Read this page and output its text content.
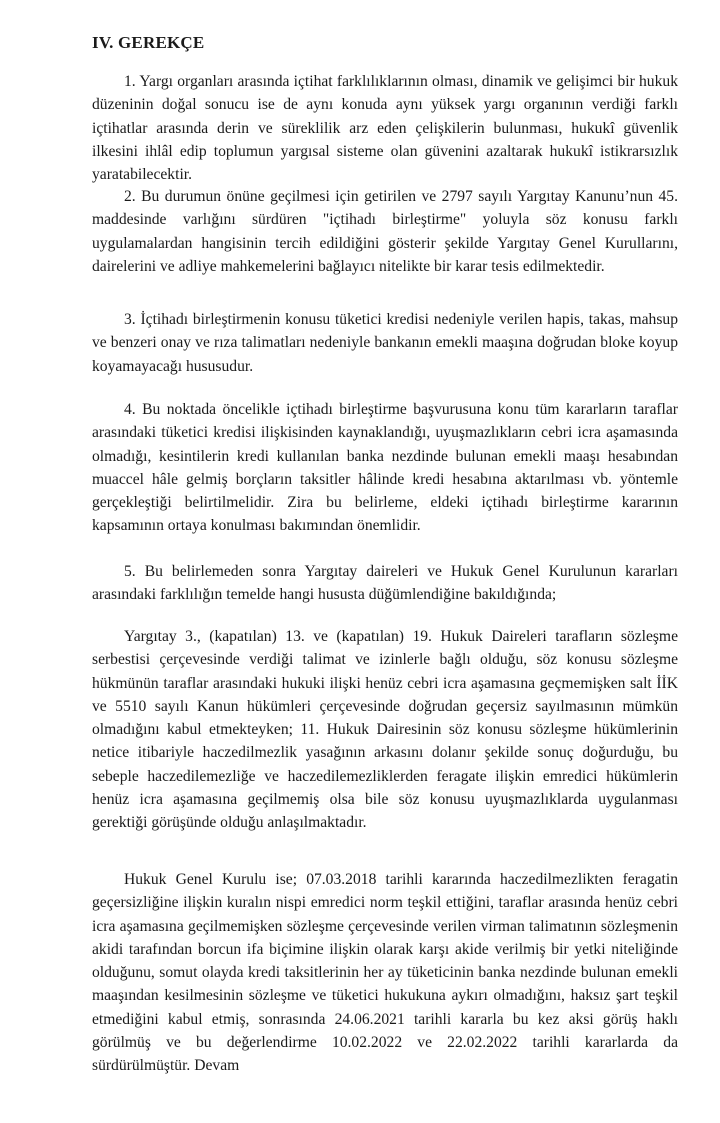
IV. GEREKÇE

1. Yargı organları arasında içtihat farklılıklarının olması, dinamik ve gelişimci bir hukuk düzeninin doğal sonucu ise de aynı konuda aynı yüksek yargı organının verdiği farklı içtihatlar arasında derin ve süreklilik arz eden çelişkilerin bulunması, hukukî güvenlik ilkesini ihlâl edip toplumun yargısal sisteme olan güvenini azaltarak hukukî istikrarsızlık yaratabilecektir.

2. Bu durumun önüne geçilmesi için getirilen ve 2797 sayılı Yargıtay Kanunu’nun 45. maddesinde varlığını sürdüren "içtihadı birleştirme" yoluyla söz konusu farklı uygulamalardan hangisinin tercih edildiğini gösterir şekilde Yargıtay Genel Kurullarını, dairelerini ve adliye mahkemelerini bağlayıcı nitelikte bir karar tesis edilmektedir.

3. İçtihadı birleştirmenin konusu tüketici kredisi nedeniyle verilen hapis, takas, mahsup ve benzeri onay ve rıza talimatları nedeniyle bankanın emekli maaşına doğrudan bloke koyup koyamayacağı hususudur.

4. Bu noktada öncelikle içtihadı birleştirme başvurusuna konu tüm kararların taraflar arasındaki tüketici kredisi ilişkisinden kaynaklandığı, uyuşmazlıkların cebri icra aşamasında olmadığı, kesintilerin kredi kullanılan banka nezdinde bulunan emekli maaşı hesabından muaccel hâle gelmiş borçların taksitler hâlinde kredi hesabına aktarılması vb. yöntemle gerçekleştiği belirtilmelidir. Zira bu belirleme, eldeki içtihadı birleştirme kararının kapsamının ortaya konulması bakımından önemlidir.

5. Bu belirlemeden sonra Yargıtay daireleri ve Hukuk Genel Kurulunun kararları arasındaki farklılığın temelde hangi hususta düğümlendiğine bakıldığında;

Yargıtay 3., (kapatılan) 13. ve (kapatılan) 19. Hukuk Daireleri tarafların sözleşme serbestisi çerçevesinde verdiği talimat ve izinlerle bağlı olduğu, söz konusu sözleşme hükmünün taraflar arasındaki hukuki ilişki henüz cebri icra aşamasına geçmemişken salt İİK ve 5510 sayılı Kanun hükümleri çerçevesinde doğrudan geçersiz sayılmasının mümkün olmadığını kabul etmekteyken; 11. Hukuk Dairesinin söz konusu sözleşme hükümlerinin netice itibariyle haczedilmezlik yasağının arkasını dolanır şekilde sonuç doğurduğu, bu sebeple haczedilemezliğe ve haczedilemezliklerden feragate ilişkin emredici hükümlerin henüz icra aşamasına geçilmemiş olsa bile söz konusu uyuşmazlıklarda uygulanması gerektiği görüşünde olduğu anlaşılmaktadır.

Hukuk Genel Kurulu ise; 07.03.2018 tarihli kararında haczedilmezlikten feragatin geçersizliğine ilişkin kuralın nispi emredici norm teşkil ettiğini, taraflar arasında henüz cebri icra aşamasına geçilmemişken sözleşme çerçevesinde verilen virman talimatının sözleşmenin akidi tarafından borcun ifa biçimine ilişkin olarak karşı akide verilmiş bir yetki niteliğinde olduğunu, somut olayda kredi taksitlerinin her ay tüketicinin banka nezdinde bulunan emekli maaşından kesilmesinin sözleşme ve tüketici hukukuna aykırı olmadığını, haksız şart teşkil etmediğini kabul etmiş, sonrasında 24.06.2021 tarihli kararla bu kez aksi görüş haklı görülmüş ve bu değerlendirme 10.02.2022 ve 22.02.2022 tarihli kararlarda da sürdürülmüştür. Devam
